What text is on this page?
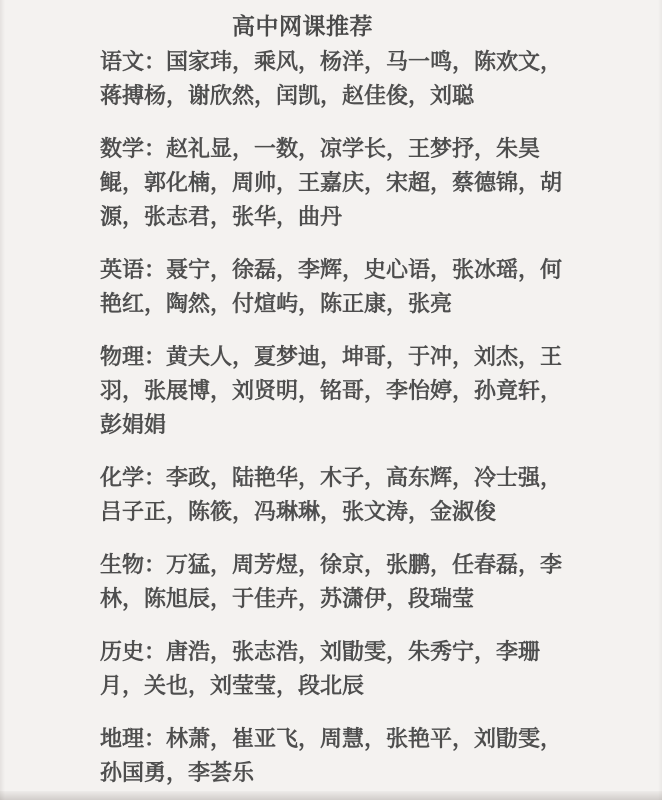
高中网课推荐
语文：国家玮，乘风，杨洋，马一鸣，陈欢文，
蒋搏杨，谢欣然，闰凯，赵佳俊，刘聪
数学：赵礼显，一数，凉学长，王梦抒，朱昊
鲲，郭化楠，周帅，王嘉庆，宋超，蔡德锦，胡
源，张志君，张华，曲丹
英语：聂宁，徐磊，李辉，史心语，张冰瑶，何
艳红，陶然，付煊屿，陈正康，张亮
物理：黄夫人，夏梦迪，坤哥，于冲，刘杰，王
羽，张展博，刘贤明，铭哥，李怡婷，孙竟轩，
彭娟娟
化学：李政，陆艳华，木子，高东辉，冷士强，
吕子正，陈筱，冯琳琳，张文涛，金淑俊
生物：万猛，周芳煜，徐京，张鹏，任春磊，李
林，陈旭辰，于佳卉，苏潇伊，段瑞莹
历史：唐浩，张志浩，刘勖雯，朱秀宁，李珊
月，关也，刘莹莹，段北辰
地理：林萧，崔亚飞，周慧，张艳平，刘勖雯，
孙国勇，李荟乐
